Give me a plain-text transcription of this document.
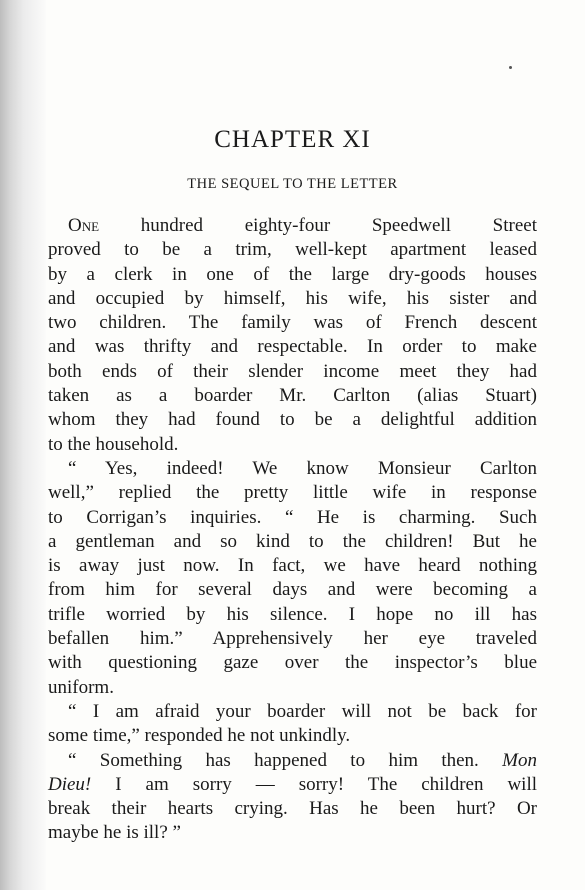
CHAPTER XI
THE SEQUEL TO THE LETTER
One hundred eighty-four Speedwell Street
proved to be a trim, well-kept apartment leased
by a clerk in one of the large dry-goods houses
and occupied by himself, his wife, his sister and
two children. The family was of French descent
and was thrifty and respectable. In order to make
both ends of their slender income meet they had
taken as a boarder Mr. Carlton (alias Stuart)
whom they had found to be a delightful addition
to the household.
“ Yes, indeed! We know Monsieur Carlton
well,” replied the pretty little wife in response
to Corrigan’s inquiries. “ He is charming. Such
a gentleman and so kind to the children! But he
is away just now. In fact, we have heard nothing
from him for several days and were becoming a
trifle worried by his silence. I hope no ill has
befallen him.” Apprehensively her eye traveled
with questioning gaze over the inspector’s blue
uniform.
“ I am afraid your boarder will not be back for
some time,” responded he not unkindly.
“ Something has happened to him then. Mon
Dieu! I am sorry — sorry! The children will
break their hearts crying. Has he been hurt? Or
maybe he is ill? ”
